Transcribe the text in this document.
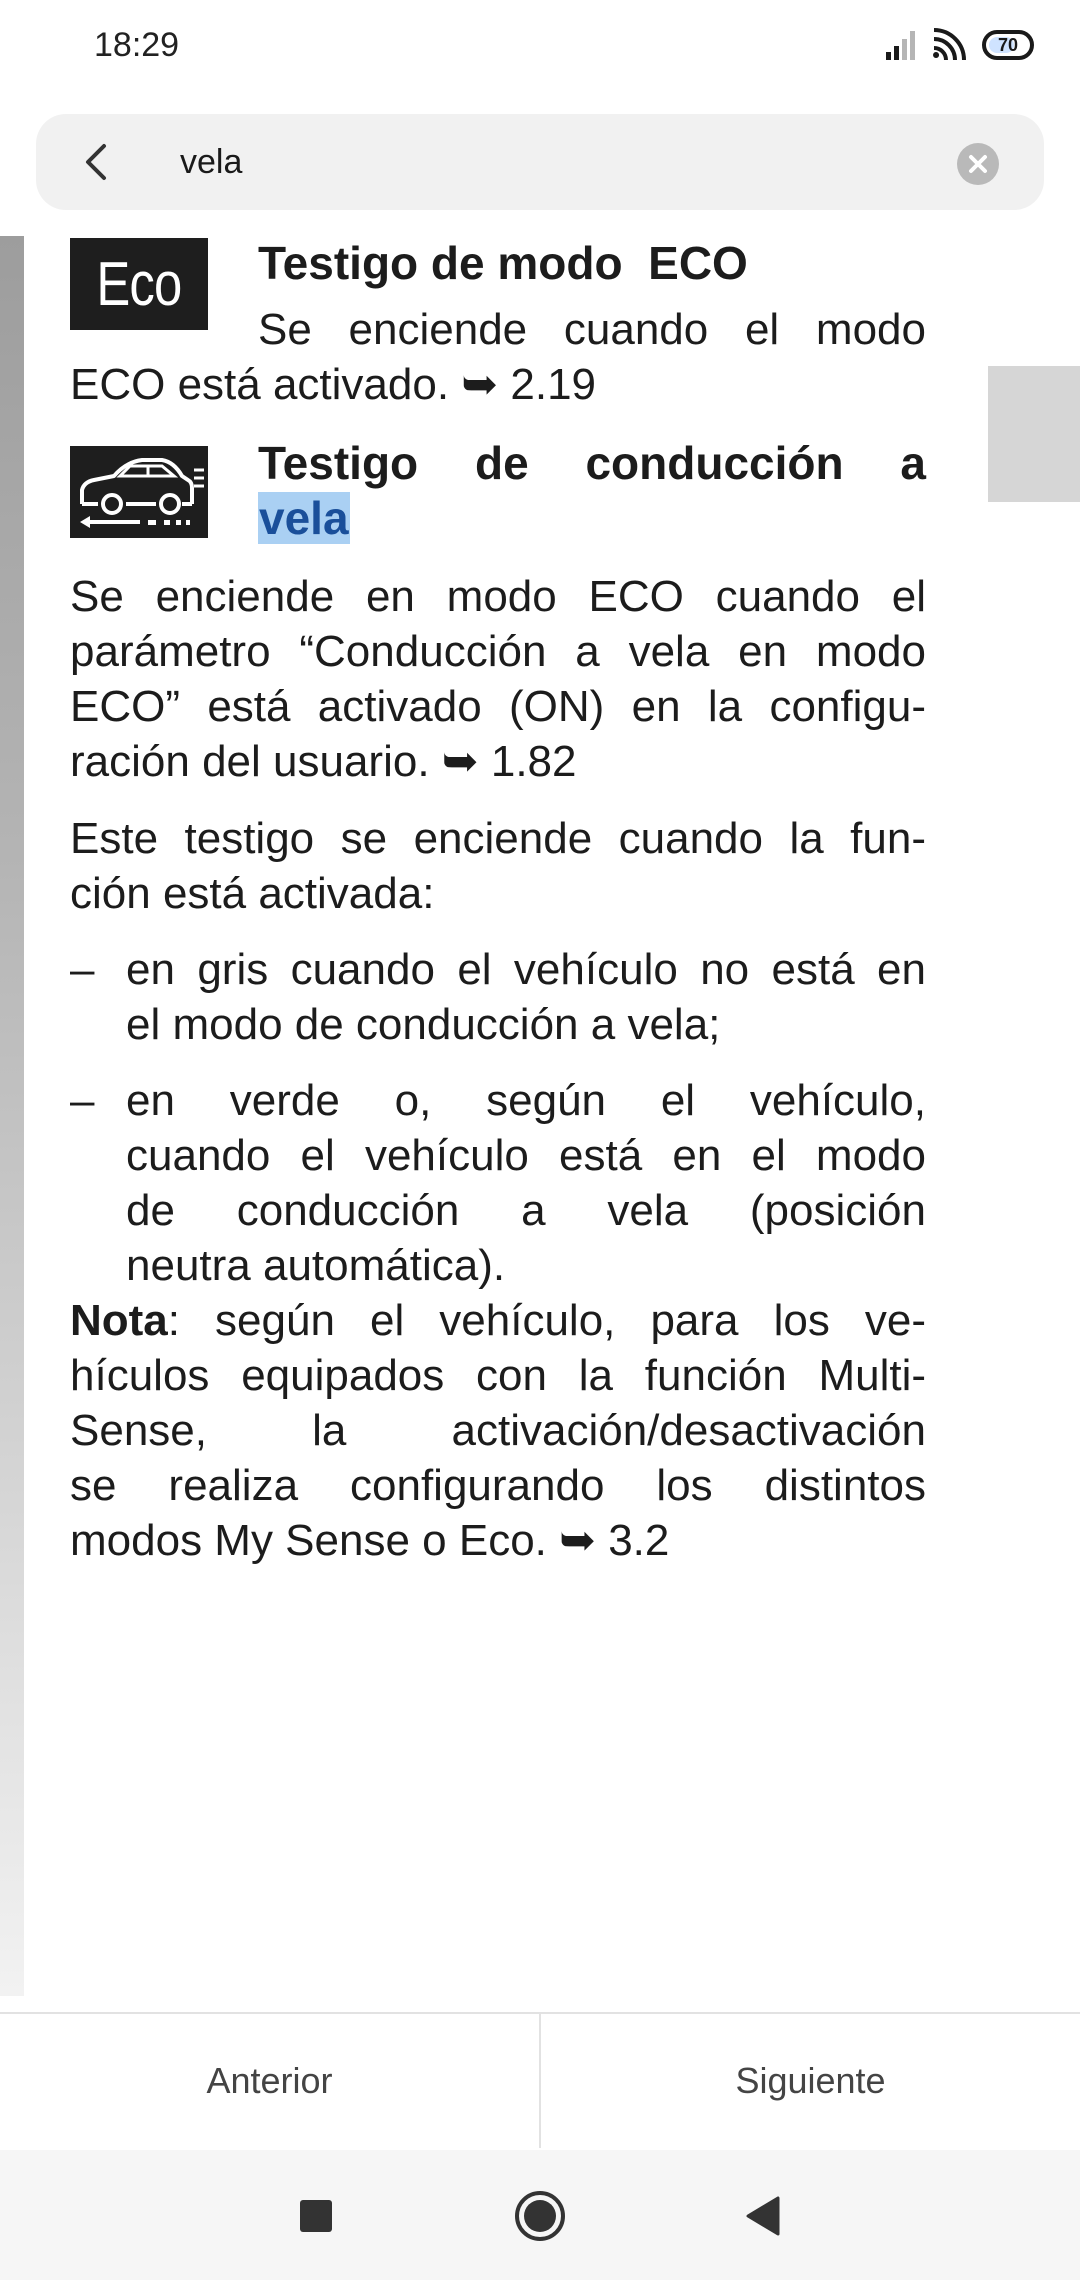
18:29	70
vela
Eco Testigo de modo  ECO
Se enciende cuando el modo
ECO está activado. ➥ 2.19
Testigo de conducción a
vela
Se enciende en modo ECO cuando el
parámetro “Conducción a vela en modo
ECO” está activado (ON) en la configu-
ración del usuario. ➥ 1.82
Este testigo se enciende cuando la fun-
ción está activada:
– en gris cuando el vehículo no está en
el modo de conducción a vela;
– en verde o, según el vehículo,
cuando el vehículo está en el modo
de conducción a vela (posición
neutra automática).
Nota: según el vehículo, para los ve-
hículos equipados con la función Multi-
Sense, la activación/desactivación
se realiza configurando los distintos
modos My Sense o Eco. ➥ 3.2
Anterior	Siguiente
